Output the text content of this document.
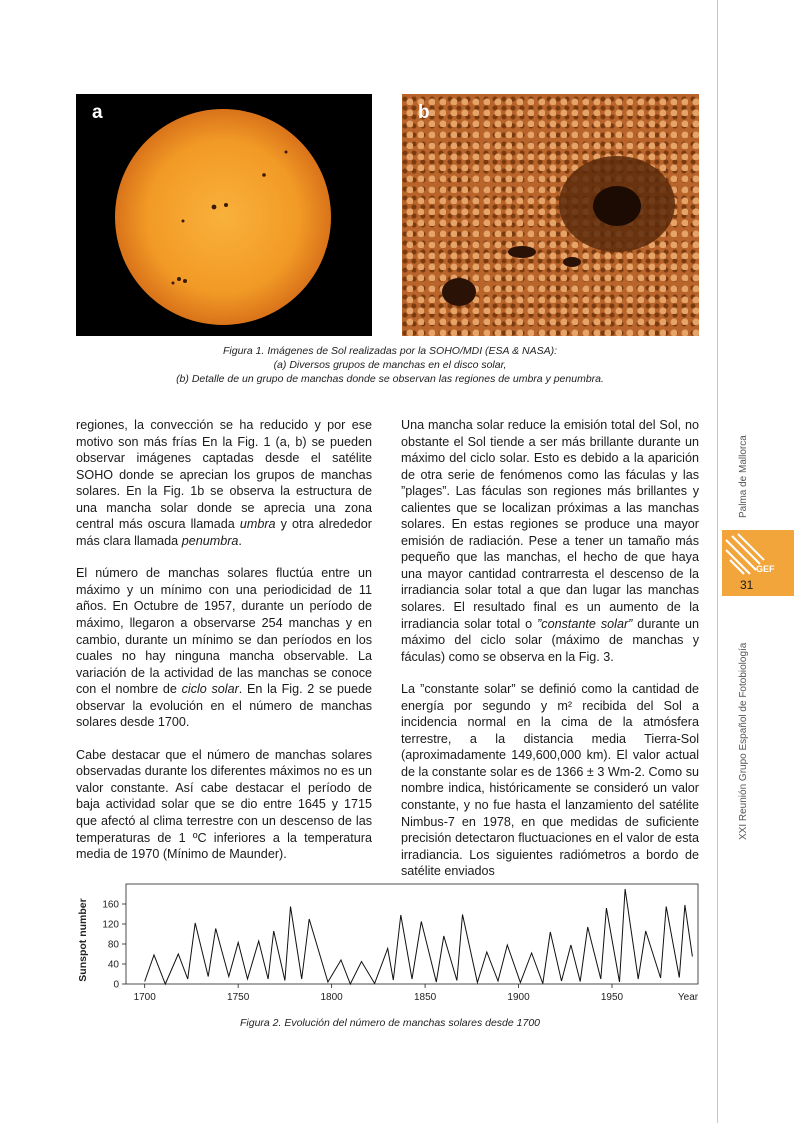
a	b
Figura 1. Imágenes de Sol realizadas por la SOHO/MDI (ESA & NASA):
(a) Diversos grupos de manchas en el disco solar,
(b) Detalle de un grupo de manchas donde se observan las regiones de umbra y penumbra.

regiones, la convección se ha reducido y por ese motivo son más frías En la Fig. 1 (a, b) se pueden observar imágenes captadas desde el satélite SOHO donde se aprecian los grupos de manchas solares. En la Fig. 1b se observa la estructura de una mancha solar donde se aprecia una zona central más oscura llamada umbra y otra alrededor más clara llamada penumbra.

El número de manchas solares fluctúa entre un máximo y un mínimo con una periodicidad de 11 años. En Octubre de 1957, durante un período de máximo, llegaron a observarse 254 manchas y en cambio, durante un mínimo se dan períodos en los cuales no hay ninguna mancha observable. La variación de la actividad de las manchas se conoce con el nombre de ciclo solar. En la Fig. 2 se puede observar la evolución en el número de manchas solares desde 1700.

Cabe destacar que el número de manchas solares observadas durante los diferentes máximos no es un valor constante. Así cabe destacar el período de baja actividad solar que se dio entre 1645 y 1715 que afectó al clima terrestre con un descenso de las temperaturas de 1 ºC inferiores a la temperatura media de 1970 (Mínimo de Maunder).

Una mancha solar reduce la emisión total del Sol, no obstante el Sol tiende a ser más brillante durante un máximo del ciclo solar. Esto es debido a la aparición de otra serie de fenómenos como las fáculas y las ”plages”. Las fáculas son regiones más brillantes y calientes que se localizan próximas a las manchas solares. En estas regiones se produce una mayor emisión de radiación. Pese a tener un tamaño más pequeño que las manchas, el hecho de que haya una mayor cantidad contrarresta el descenso de la irradiancia solar total a que dan lugar las manchas solares. El resultado final es un aumento de la irradiancia solar total o ”constante solar” durante un máximo del ciclo solar (máximo de manchas y fáculas) como se observa en la Fig. 3.

La ”constante solar” se definió como la cantidad de energía por segundo y m² recibida del Sol a incidencia normal en la cima de la atmósfera terrestre, a la distancia media Tierra-Sol (aproximadamente 149,600,000 km). El valor actual de la constante solar es de 1366 ± 3 Wm-2. Como su nombre indica, históricamente se consideró un valor constante, y no fue hasta el lanzamiento del satélite Nimbus-7 en 1978, en que medidas de suficiente precisión detectaron fluctuaciones en el valor de esta irradiancia. Los siguientes radiómetros a bordo de satélite enviados

Palma de Mallorca
GEF
31
XXI Reunión Grupo Español de Fotobiología
Sunspot number
0
40
80
120
160
1700	1750	1800	1850	1900	1950	Year
Figura 2. Evolución del número de manchas solares desde 1700
